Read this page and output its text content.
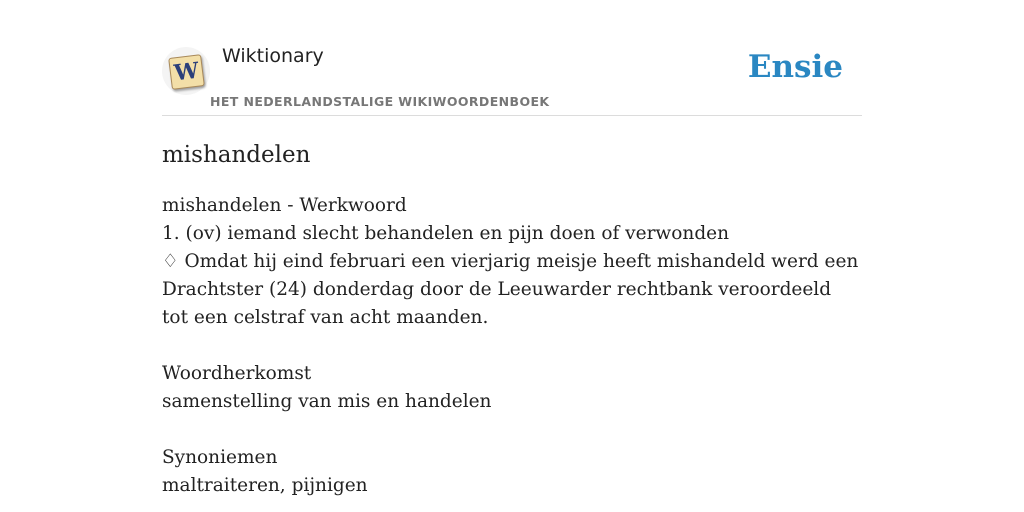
W
Wiktionary
HET NEDERLANDSTALIGE WIKIWOORDENBOEK
Ensie
mishandelen
mishandelen - Werkwoord
1. (ov) iemand slecht behandelen en pijn doen of verwonden
♢ Omdat hij eind februari een vierjarig meisje heeft mishandeld werd een Drachtster (24) donderdag door de Leeuwarder rechtbank veroordeeld tot een celstraf van acht maanden.
Woordherkomst
samenstelling van mis en handelen
Synoniemen
maltraiteren, pijnigen
